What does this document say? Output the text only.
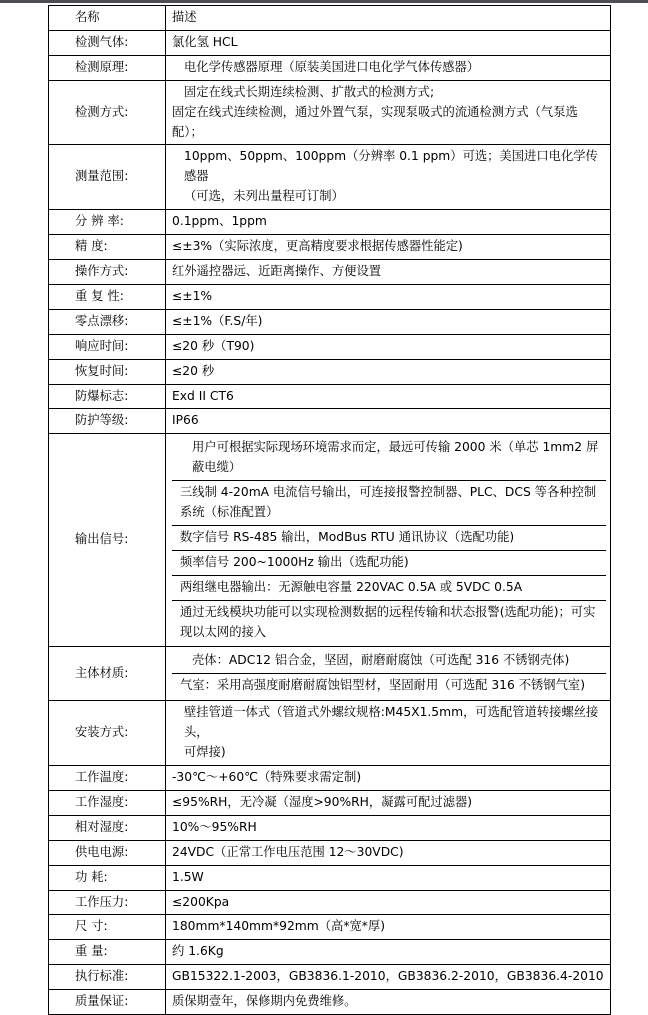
名称	描述
检测气体:	氯化氢 HCL

检测原理:	电化学传感器原理（原装美国进口电化学气体传感器）

检测方式:	
固定在线式长期连续检测、扩散式的检测方式;
固定在线式连续检测，通过外置气泵，实现泵吸式的流通检测方式（气泵选配）；

测量范围:	
10ppm、50ppm、100ppm（分辨率 0.1 ppm）可选；美国进口电化学传感器
（可选，未列出量程可订制）

分 辨 率:	0.1ppm、1ppm

精 度:	≤±3%（实际浓度，更高精度要求根据传感器性能定)

操作方式:	红外遥控器远、近距离操作、方便设置

重 复 性:	≤±1%

零点漂移:	≤±1%（F.S/年)

响应时间:	≤20 秒（T90)

恢复时间:	≤20 秒

防爆标志:	Exd II CT6

防护等级:	IP66

输出信号:	
用户可根据实际现场环境需求而定，最远可传输 2000 米（单芯 1mm2 屏蔽电缆）
三线制 4-20mA 电流信号输出，可连接报警控制器、PLC、DCS 等各种控制系统（标准配置）
数字信号 RS-485 输出，ModBus RTU 通讯协议（选配功能)
频率信号 200~1000Hz 输出（选配功能)
两组继电器输出：无源触电容量 220VAC 0.5A 或 5VDC 0.5A
通过无线模块功能可以实现检测数据的远程传输和状态报警(选配功能)；可实现以太网的接入

主体材质:	
壳体：ADC12 铝合金，坚固，耐磨耐腐蚀（可选配 316 不锈钢壳体)
气室：采用高强度耐磨耐腐蚀铝型材，坚固耐用（可选配 316 不锈钢气室)

安装方式:	
壁挂管道一体式（管道式外螺纹规格:M45X1.5mm，可选配管道转接螺丝接头，
可焊接)

工作温度:	-30℃～+60℃（特殊要求需定制)

工作湿度:	≤95%RH，无冷凝（湿度>90%RH，凝露可配过滤器)

相对湿度:	10%～95%RH

供电电源:	24VDC（正常工作电压范围 12～30VDC)

功 耗:	1.5W

工作压力:	≤200Kpa

尺 寸:	180mm*140mm*92mm（高*宽*厚)

重 量:	约 1.6Kg

执行标准:	GB15322.1-2003，GB3836.1-2010，GB3836.2-2010，GB3836.4-2010

质量保证:	质保期壹年，保修期内免费维修。
